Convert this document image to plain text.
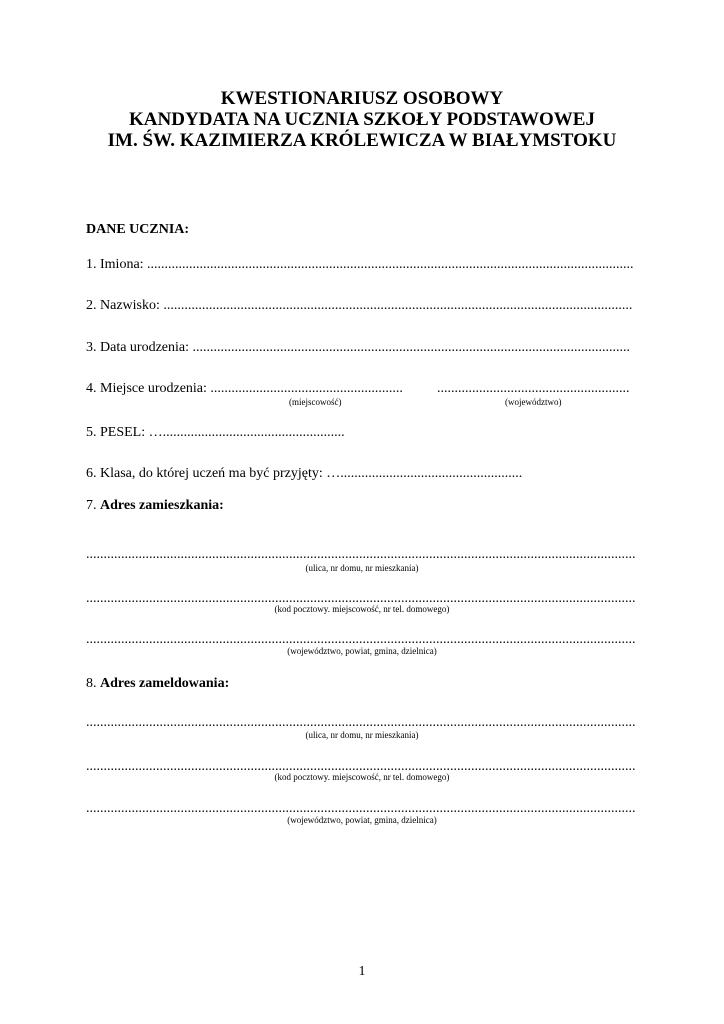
KWESTIONARIUSZ OSOBOWY
KANDYDATA NA UCZNIA SZKOŁY PODSTAWOWEJ
IM. ŚW. KAZIMIERZA KRÓLEWICZA W BIAŁYMSTOKU
DANE UCZNIA:
1. Imiona: ...........................................................................................................................................
2. Nazwisko: ......................................................................................................................................
3. Data urodzenia: .............................................................................................................................
4. Miejsce urodzenia: ....................................................... .......................................................
(miejscowość)	(województwo)
5. PESEL: …....................................................
6. Klasa, do której uczeń ma być przyjęty: …....................................................
7. Adres zamieszkania:
.............................................................................................................................................................
(ulica, nr domu, nr mieszkania)
.............................................................................................................................................................
(kod pocztowy. miejscowość, nr tel. domowego)
.............................................................................................................................................................
(województwo, powiat, gmina, dzielnica)
8. Adres zameldowania:
.............................................................................................................................................................
(ulica, nr domu, nr mieszkania)
.............................................................................................................................................................
(kod pocztowy. miejscowość, nr tel. domowego)
.............................................................................................................................................................
(województwo, powiat, gmina, dzielnica)
1
